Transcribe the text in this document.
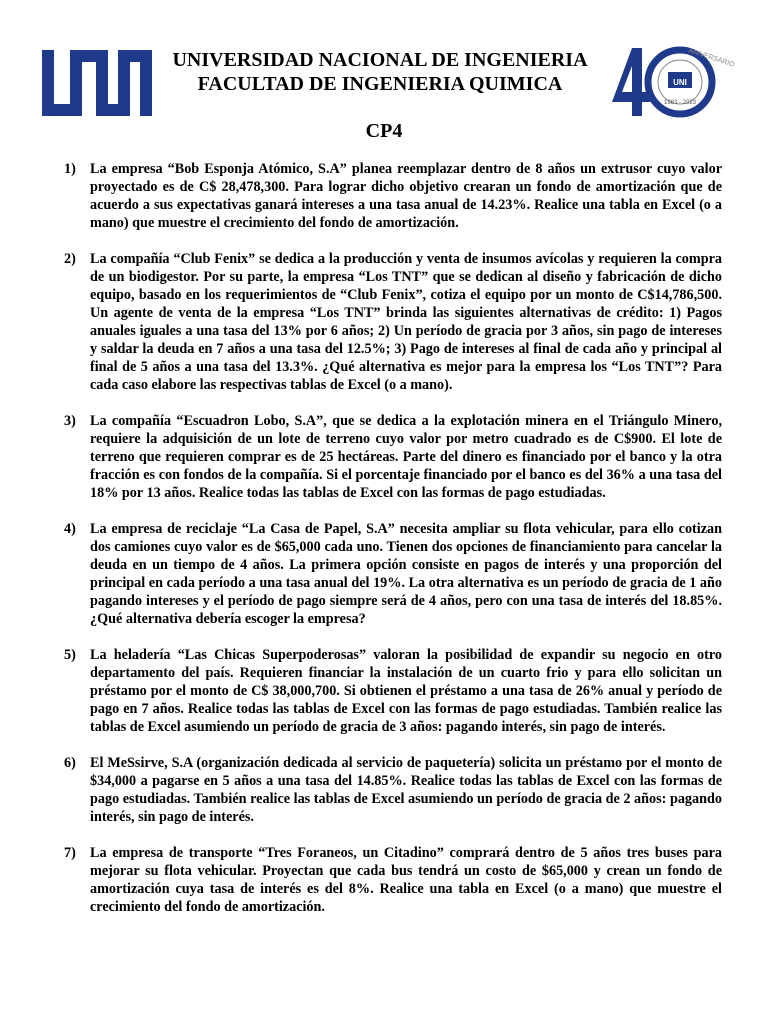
UNIVERSIDAD NACIONAL DE INGENIERIA
FACULTAD DE INGENIERIA QUIMICA	UNI
ANIVERSARIO
1983 - 2023
CP4
1) La empresa “Bob Esponja Atómico, S.A” planea reemplazar dentro de 8 años un extrusor cuyo valor proyectado es de C$ 28,478,300. Para lograr dicho objetivo crearan un fondo de amortización que de acuerdo a sus expectativas ganará intereses a una tasa anual de 14.23%. Realice una tabla en Excel (o a mano) que muestre el crecimiento del fondo de amortización.
2) La compañía “Club Fenix” se dedica a la producción y venta de insumos avícolas y requieren la compra de un biodigestor. Por su parte, la empresa “Los TNT” que se dedican al diseño y fabricación de dicho equipo, basado en los requerimientos de “Club Fenix”, cotiza el equipo por un monto de C$14,786,500. Un agente de venta de la empresa “Los TNT” brinda las siguientes alternativas de crédito: 1) Pagos anuales iguales a una tasa del 13% por 6 años; 2) Un período de gracia por 3 años, sin pago de intereses y saldar la deuda en 7 años a una tasa del 12.5%; 3) Pago de intereses al final de cada año y principal al final de 5 años a una tasa del 13.3%. ¿Qué alternativa es mejor para la empresa los “Los TNT”? Para cada caso elabore las respectivas tablas de Excel (o a mano).
3) La compañía “Escuadron Lobo, S.A”, que se dedica a la explotación minera en el Triángulo Minero, requiere la adquisición de un lote de terreno cuyo valor por metro cuadrado es de C$900. El lote de terreno que requieren comprar es de 25 hectáreas. Parte del dinero es financiado por el banco y la otra fracción es con fondos de la compañía. Si el porcentaje financiado por el banco es del 36% a una tasa del 18% por 13 años. Realice todas las tablas de Excel con las formas de pago estudiadas.
4) La empresa de reciclaje “La Casa de Papel, S.A” necesita ampliar su flota vehicular, para ello cotizan dos camiones cuyo valor es de $65,000 cada uno. Tienen dos opciones de financiamiento para cancelar la deuda en un tiempo de 4 años. La primera opción consiste en pagos de interés y una proporción del principal en cada período a una tasa anual del 19%. La otra alternativa es un período de gracia de 1 año pagando intereses y el período de pago siempre será de 4 años, pero con una tasa de interés del 18.85%. ¿Qué alternativa debería escoger la empresa?
5) La heladería “Las Chicas Superpoderosas” valoran la posibilidad de expandir su negocio en otro departamento del país. Requieren financiar la instalación de un cuarto frio y para ello solicitan un préstamo por el monto de C$ 38,000,700. Si obtienen el préstamo a una tasa de 26% anual y período de pago en 7 años. Realice todas las tablas de Excel con las formas de pago estudiadas. También realice las tablas de Excel asumiendo un período de gracia de 3 años: pagando interés, sin pago de interés.
6) El MeSsirve, S.A (organización dedicada al servicio de paquetería) solicita un préstamo por el monto de $34,000 a pagarse en 5 años a una tasa del 14.85%. Realice todas las tablas de Excel con las formas de pago estudiadas. También realice las tablas de Excel asumiendo un período de gracia de 2 años: pagando interés, sin pago de interés.
7) La empresa de transporte “Tres Foraneos, un Citadino” comprará dentro de 5 años tres buses para mejorar su flota vehicular. Proyectan que cada bus tendrá un costo de $65,000 y crean un fondo de amortización cuya tasa de interés es del 8%. Realice una tabla en Excel (o a mano) que muestre el crecimiento del fondo de amortización.
